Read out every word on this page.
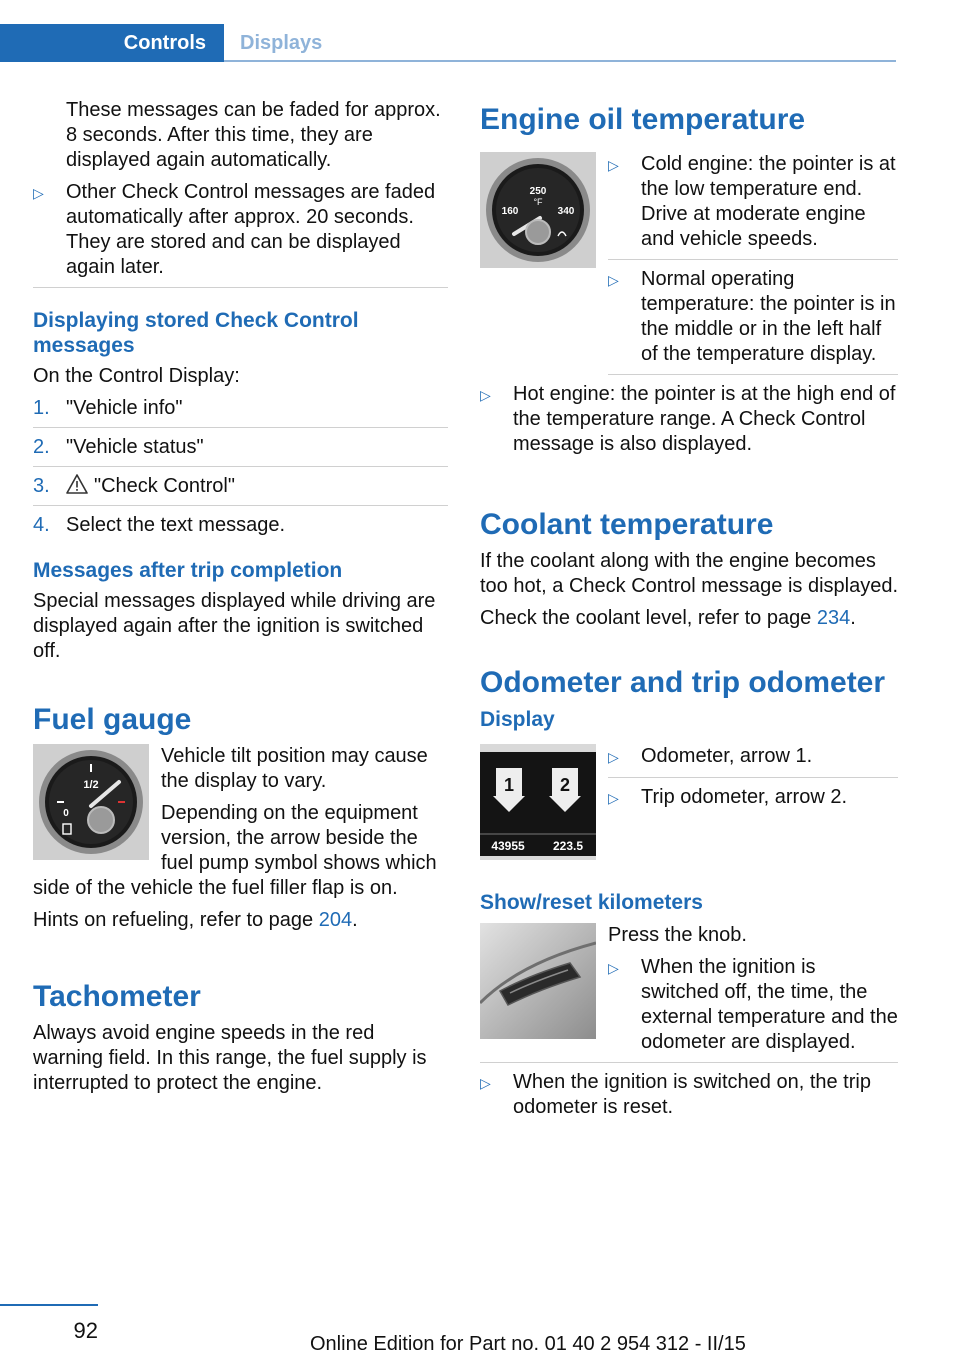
Controls	Displays

These messages can be faded for approx. 8 seconds. After this time, they are displayed again automatically.

▷	Other Check Control messages are faded automatically after approx. 20 seconds. They are stored and can be displayed again later.
Displaying stored Check Control messages

On the Control Display:

1. "Vehicle info"
2. "Vehicle status"
3.	"Check Control"
4. Select the text message.
Messages after trip completion

Special messages displayed while driving are displayed again after the ignition is switched off.

Fuel gauge
1/2
0

Vehicle tilt position may cause the display to vary.

Depending on the equipment version, the arrow beside the fuel pump symbol shows which side of the vehicle the fuel filler flap is on.

Hints on refueling, refer to page 204.

Tachometer

Always avoid engine speeds in the red warning field. In this range, the fuel supply is interrupted to protect the engine.

Engine oil temperature
250
°F
160	340
▷	Cold engine: the pointer is at the low temperature end. Drive at moderate engine and vehicle speeds.
▷	Normal operating temperature: the pointer is in the middle or in the left half of the temperature display.
▷	Hot engine: the pointer is at the high end of the temperature range. A Check Control message is also displayed.
Coolant temperature

If the coolant along with the engine becomes too hot, a Check Control message is displayed.

Check the coolant level, refer to page 234.

Odometer and trip odometer
Display
1	2
43955 223.5
▷	Odometer, arrow 1.
▷	Trip odometer, arrow 2.
Show/reset kilometers

Press the knob.

▷	When the ignition is switched off, the time, the external temperature and the odometer are displayed.
▷	When the ignition is switched on, the trip odometer is reset.
92
Online Edition for Part no. 01 40 2 954 312 - II/15
